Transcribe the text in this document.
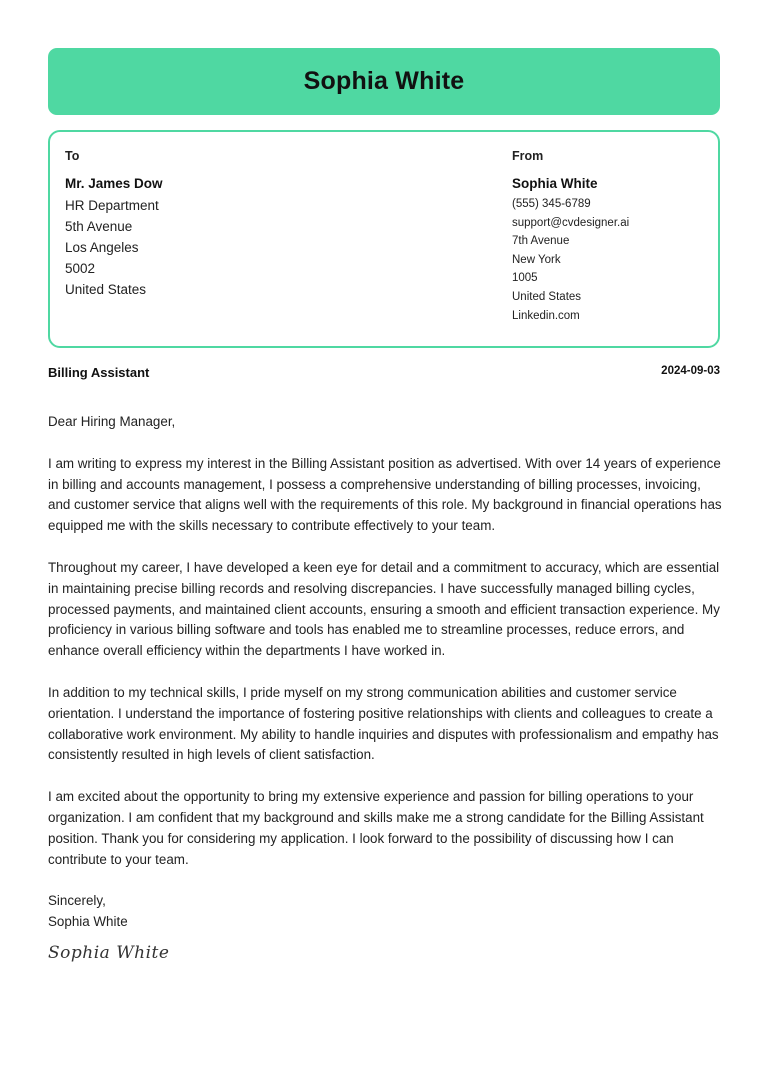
Sophia White
To
Mr. James Dow
HR Department
5th Avenue
Los Angeles
5002
United States
From
Sophia White
(555) 345-6789
support@cvdesigner.ai
7th Avenue
New York
1005
United States
Linkedin.com
Billing Assistant	2024-09-03

Dear Hiring Manager,

I am writing to express my interest in the Billing Assistant position as advertised. With over 14 years of experience in billing and accounts management, I possess a comprehensive understanding of billing processes, invoicing, and customer service that aligns well with the requirements of this role. My background in financial operations has equipped me with the skills necessary to contribute effectively to your team.

Throughout my career, I have developed a keen eye for detail and a commitment to accuracy, which are essential in maintaining precise billing records and resolving discrepancies. I have successfully managed billing cycles, processed payments, and maintained client accounts, ensuring a smooth and efficient transaction experience. My proficiency in various billing software and tools has enabled me to streamline processes, reduce errors, and enhance overall efficiency within the departments I have worked in.

In addition to my technical skills, I pride myself on my strong communication abilities and customer service orientation. I understand the importance of fostering positive relationships with clients and colleagues to create a collaborative work environment. My ability to handle inquiries and disputes with professionalism and empathy has consistently resulted in high levels of client satisfaction.

I am excited about the opportunity to bring my extensive experience and passion for billing operations to your organization. I am confident that my background and skills make me a strong candidate for the Billing Assistant position. Thank you for considering my application. I look forward to the possibility of discussing how I can contribute to your team.

Sincerely,

Sophia White

Sophia White
